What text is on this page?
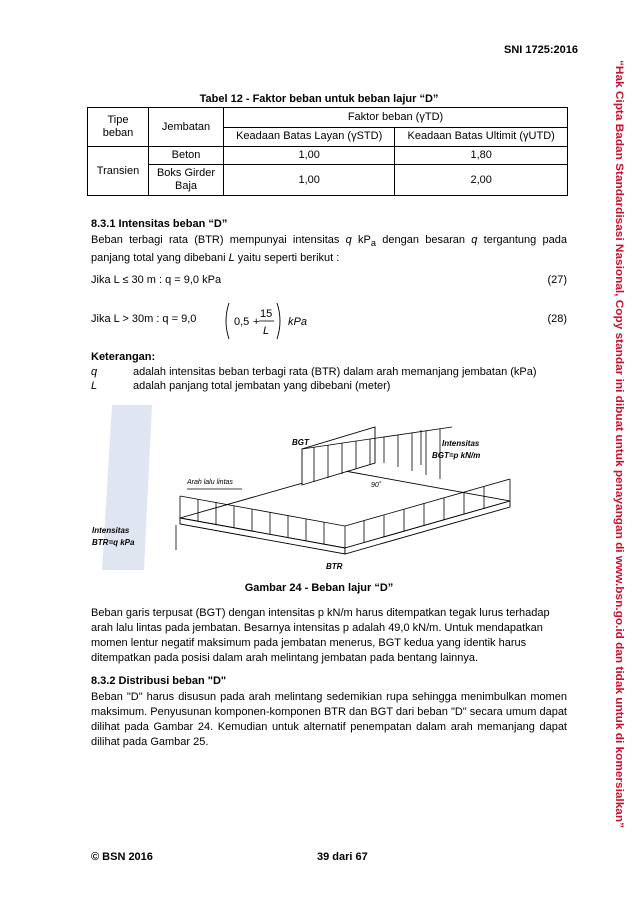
SNI 1725:2016
“Hak Cipta Badan Standardisasi Nasional, Copy standar ini dibuat untuk penayangan di www.bsn.go.id dan tidak untuk di komersialkan”
Tabel 12 - Faktor beban untuk beban lajur “D”
Tipe beban	Jembatan	Faktor beban (γTD)	
		Keadaan Batas Layan (γSTD)	Keadaan Batas Ultimit (γUTD)
Transien	Beton	1,00	1,80
	Boks Girder Baja	1,00	2,00
8.3.1 Intensitas beban “D”
Beban terbagi rata (BTR) mempunyai intensitas q $kP_a$ dengan besaran q tergantung pada panjang total yang dibebani L yaitu seperti berikut :
Jika L ≤ 30 m : q = 9,0 kPa	(27)
Jika L > 30m : q = 9,0	0,5 +
15
L
kPa	(28)
Keterangan:
q	adalah intensitas beban terbagi rata (BTR) dalam arah memanjang jembatan (kPa)
L	adalah panjang total jembatan yang dibebani (meter)
BGT	Intensitas
BGT=p kN/m
Arah lalu lintas	90˚
Intensitas
BTR=q kPa
BTR
Gambar 24 - Beban lajur “D”
Beban garis terpusat (BGT) dengan intensitas p kN/m harus ditempatkan tegak lurus terhadap arah lalu lintas pada jembatan. Besarnya intensitas p adalah 49,0 kN/m. Untuk mendapatkan momen lentur negatif maksimum pada jembatan menerus, BGT kedua yang identik harus ditempatkan pada posisi dalam arah melintang jembatan pada bentang lainnya.
8.3.2 Distribusi beban "D"
Beban "D" harus disusun pada arah melintang sedemikian rupa sehingga menimbulkan momen maksimum. Penyusunan komponen-komponen BTR dan BGT dari beban "D" secara umum dapat dilihat pada Gambar 24. Kemudian untuk alternatif penempatan dalam arah memanjang dapat dilihat pada Gambar 25.
© BSN 2016	39 dari 67
